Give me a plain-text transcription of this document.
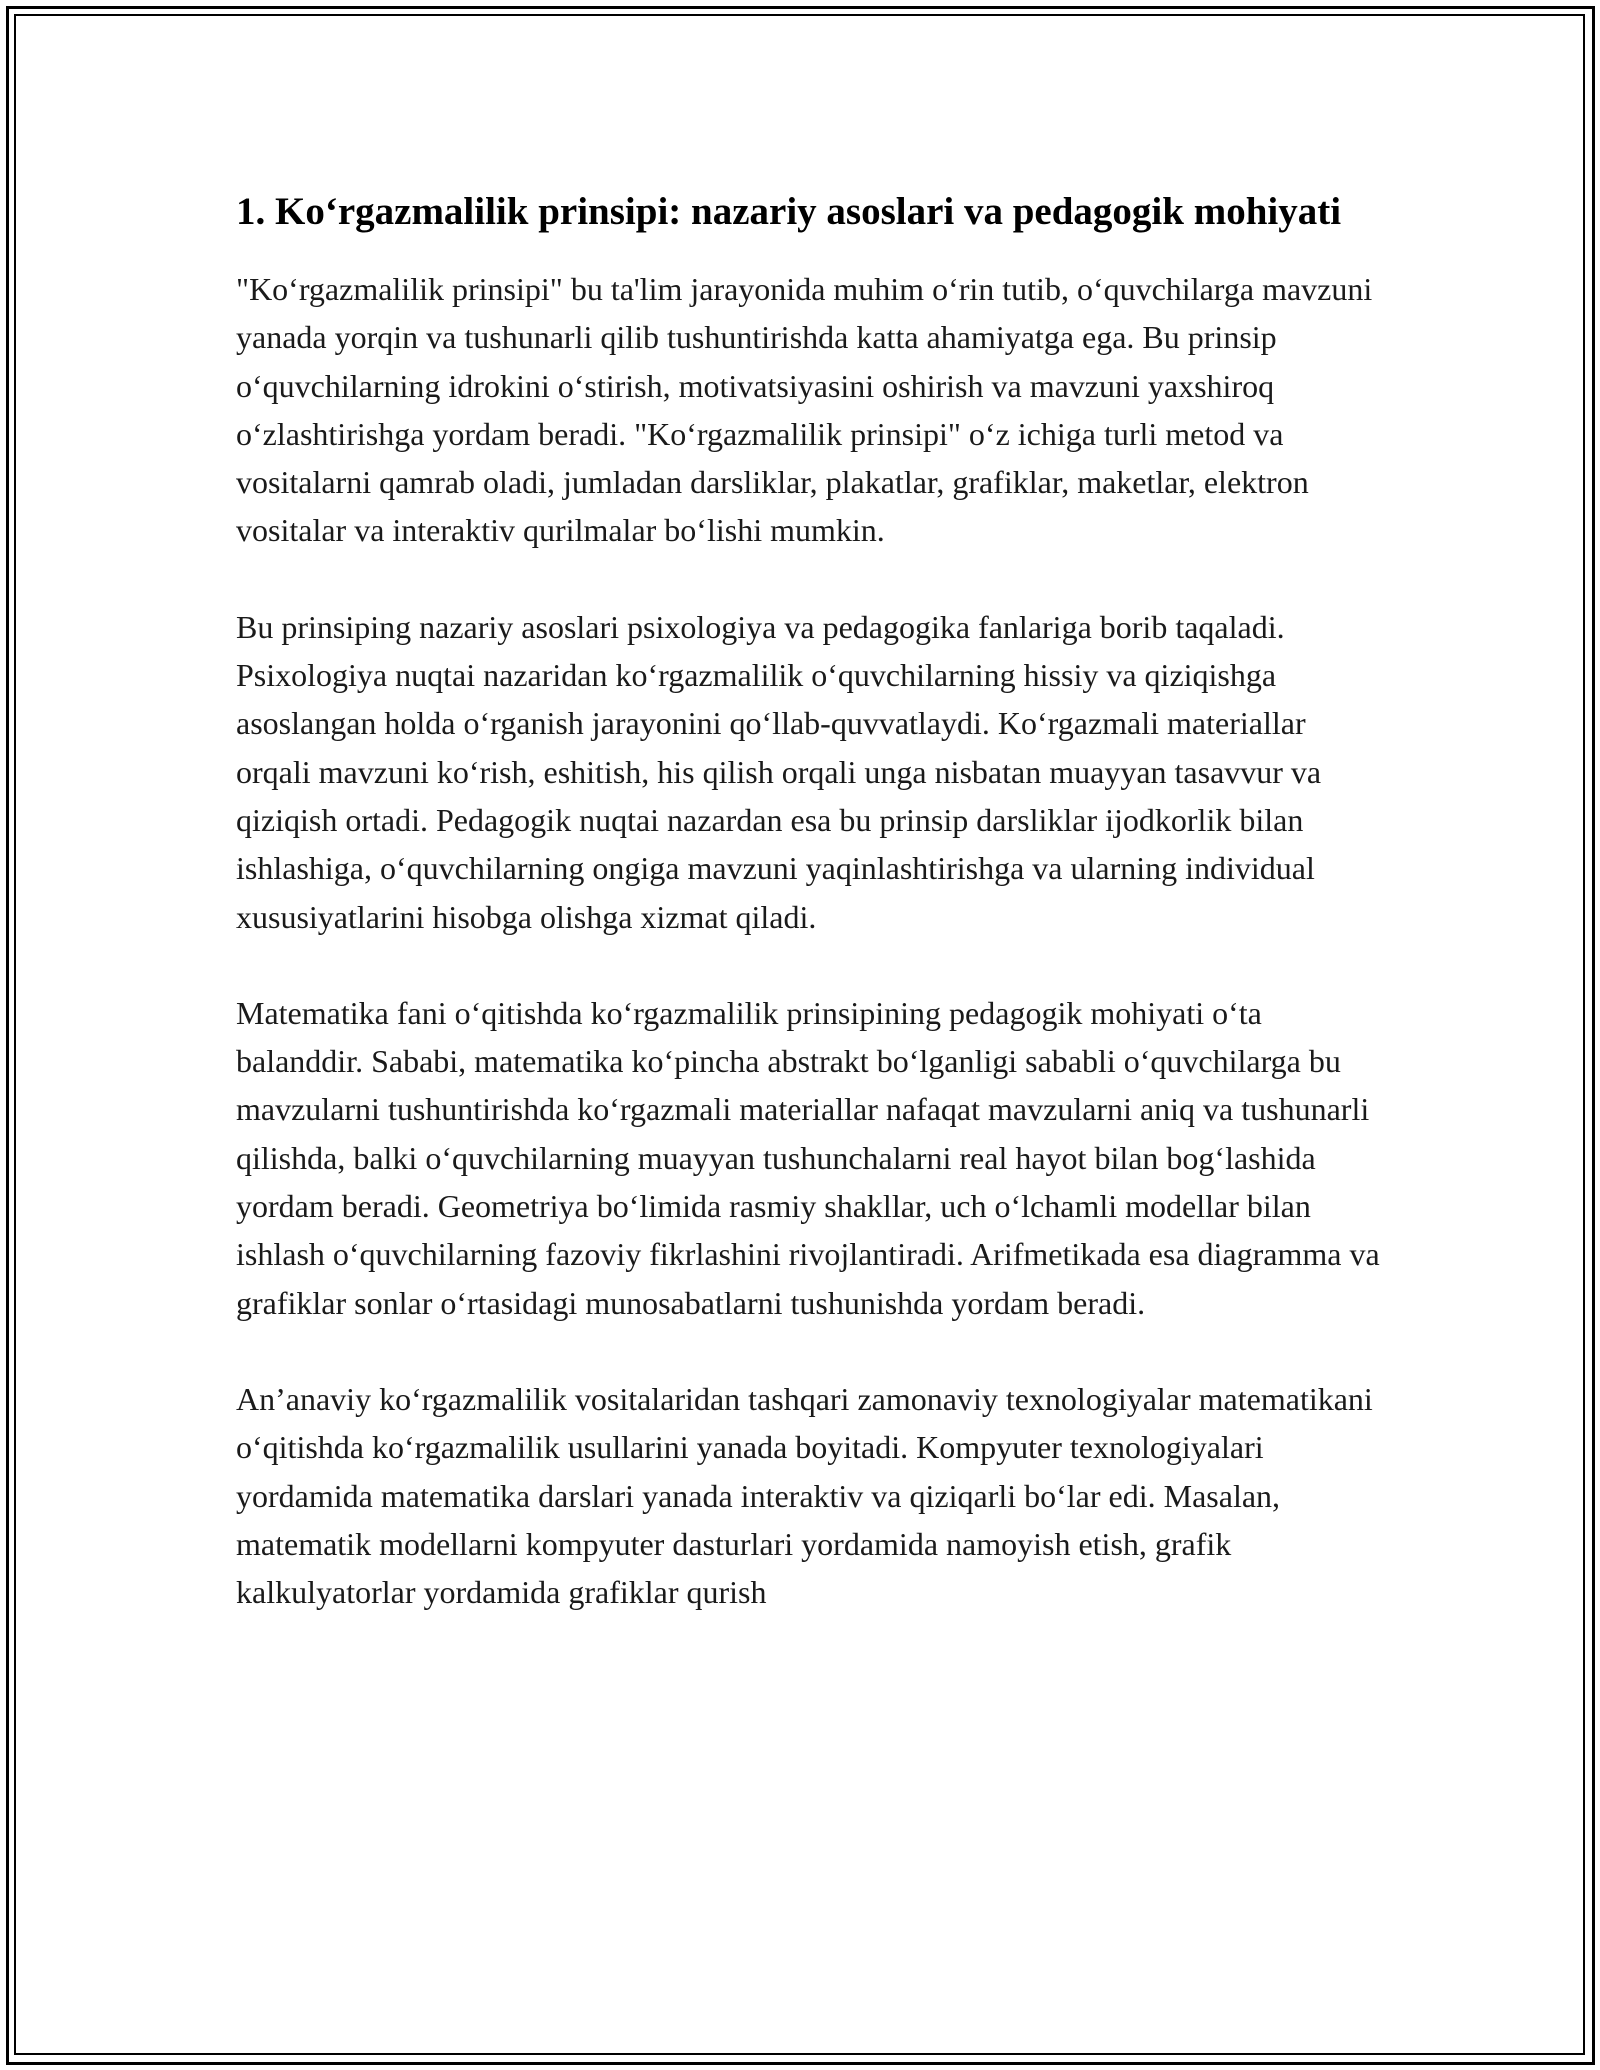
1. Ko‘rgazmalilik prinsipi: nazariy asoslari va pedagogik mohiyati

"Ko‘rgazmalilik prinsipi" bu ta'lim jarayonida muhim o‘rin tutib, o‘quvchilarga mavzuni yanada yorqin va tushunarli qilib tushuntirishda katta ahamiyatga ega. Bu prinsip o‘quvchilarning idrokini o‘stirish, motivatsiyasini oshirish va mavzuni yaxshiroq o‘zlashtirishga yordam beradi. "Ko‘rgazmalilik prinsipi" o‘z ichiga turli metod va vositalarni qamrab oladi, jumladan darsliklar, plakatlar, grafiklar, maketlar, elektron vositalar va interaktiv qurilmalar bo‘lishi mumkin.

Bu prinsiping nazariy asoslari psixologiya va pedagogika fanlariga borib taqaladi. Psixologiya nuqtai nazaridan ko‘rgazmalilik o‘quvchilarning hissiy va qiziqishga asoslangan holda o‘rganish jarayonini qo‘llab-quvvatlaydi. Ko‘rgazmali materiallar orqali mavzuni ko‘rish, eshitish, his qilish orqali unga nisbatan muayyan tasavvur va qiziqish ortadi. Pedagogik nuqtai nazardan esa bu prinsip darsliklar ijodkorlik bilan ishlashiga, o‘quvchilarning ongiga mavzuni yaqinlashtirishga va ularning individual xususiyatlarini hisobga olishga xizmat qiladi.

Matematika fani o‘qitishda ko‘rgazmalilik prinsipining pedagogik mohiyati o‘ta balanddir. Sababi, matematika ko‘pincha abstrakt bo‘lganligi sababli o‘quvchilarga bu mavzularni tushuntirishda ko‘rgazmali materiallar nafaqat mavzularni aniq va tushunarli qilishda, balki o‘quvchilarning muayyan tushunchalarni real hayot bilan bog‘lashida yordam beradi. Geometriya bo‘limida rasmiy shakllar, uch o‘lchamli modellar bilan ishlash o‘quvchilarning fazoviy fikrlashini rivojlantiradi. Arifmetikada esa diagramma va grafiklar sonlar o‘rtasidagi munosabatlarni tushunishda yordam beradi.

An’anaviy ko‘rgazmalilik vositalaridan tashqari zamonaviy texnologiyalar matematikani o‘qitishda ko‘rgazmalilik usullarini yanada boyitadi. Kompyuter texnologiyalari yordamida matematika darslari yanada interaktiv va qiziqarli bo‘lar edi. Masalan, matematik modellarni kompyuter dasturlari yordamida namoyish etish, grafik kalkulyatorlar yordamida grafiklar qurish
